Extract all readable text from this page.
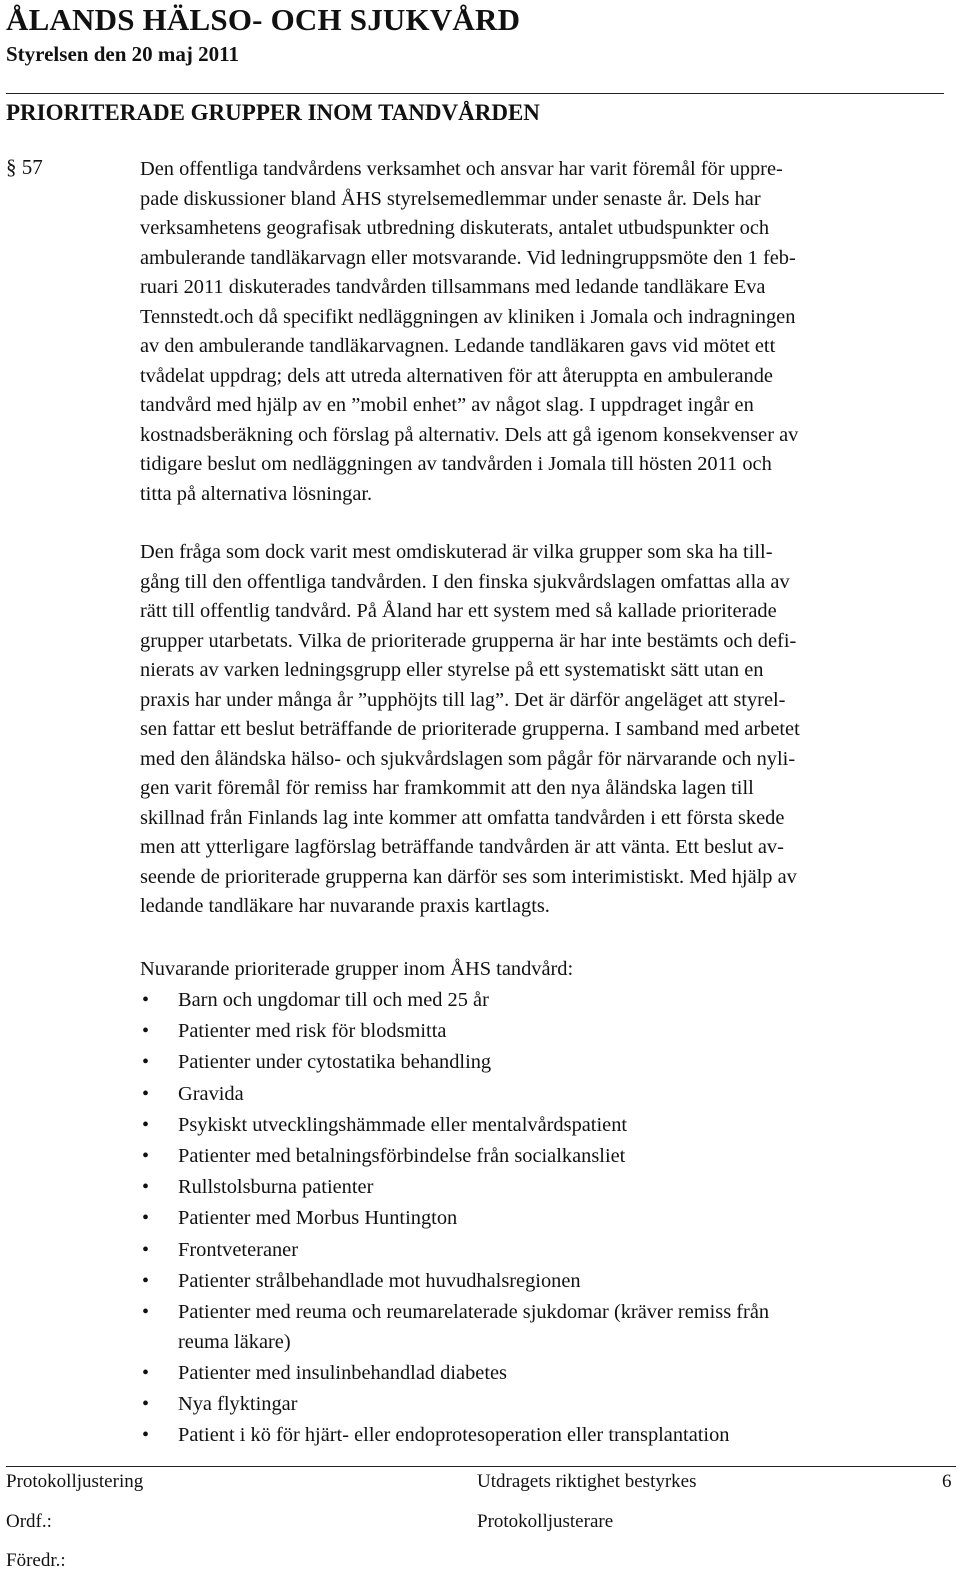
ÅLANDS HÄLSO- OCH SJUKVÅRD
Styrelsen den 20 maj 2011
PRIORITERADE GRUPPER INOM TANDVÅRDEN
§ 57	Den offentliga tandvårdens verksamhet och ansvar har varit föremål för uppre-
pade diskussioner bland ÅHS styrelsemedlemmar under senaste år. Dels har
verksamhetens geografisak utbredning diskuterats, antalet utbudspunkter och
ambulerande tandläkarvagn eller motsvarande. Vid ledningruppsmöte den 1 feb-
ruari 2011 diskuterades tandvården tillsammans med ledande tandläkare Eva
Tennstedt.och då specifikt nedläggningen av kliniken i Jomala och indragningen
av den ambulerande tandläkarvagnen. Ledande tandläkaren gavs vid mötet ett
tvådelat uppdrag; dels att utreda alternativen för att återuppta en ambulerande
tandvård med hjälp av en ”mobil enhet” av något slag. I uppdraget ingår en
kostnadsberäkning och förslag på alternativ. Dels att gå igenom konsekvenser av
tidigare beslut om nedläggningen av tandvården i Jomala till hösten 2011 och
titta på alternativa lösningar.
Den fråga som dock varit mest omdiskuterad är vilka grupper som ska ha till-
gång till den offentliga tandvården. I den finska sjukvårdslagen omfattas alla av
rätt till offentlig tandvård. På Åland har ett system med så kallade prioriterade
grupper utarbetats. Vilka de prioriterade grupperna är har inte bestämts och defi-
nierats av varken ledningsgrupp eller styrelse på ett systematiskt sätt utan en
praxis har under många år ”upphöjts till lag”. Det är därför angeläget att styrel-
sen fattar ett beslut beträffande de prioriterade grupperna. I samband med arbetet
med den åländska hälso- och sjukvårdslagen som pågår för närvarande och nyli-
gen varit föremål för remiss har framkommit att den nya åländska lagen till
skillnad från Finlands lag inte kommer att omfatta tandvården i ett första skede
men att ytterligare lagförslag beträffande tandvården är att vänta. Ett beslut av-
seende de prioriterade grupperna kan därför ses som interimistiskt. Med hjälp av
ledande tandläkare har nuvarande praxis kartlagts.
Nuvarande prioriterade grupper inom ÅHS tandvård:
• Barn och ungdomar till och med 25 år
• Patienter med risk för blodsmitta
• Patienter under cytostatika behandling
• Gravida
• Psykiskt utvecklingshämmade eller mentalvårdspatient
• Patienter med betalningsförbindelse från socialkansliet
• Rullstolsburna patienter
• Patienter med Morbus Huntington
• Frontveteraner
• Patienter strålbehandlade mot huvudhalsregionen
• Patienter med reuma och reumarelaterade sjukdomar (kräver remiss från
reuma läkare)
• Patienter med insulinbehandlad diabetes
• Nya flyktingar
• Patient i kö för hjärt- eller endoprotesoperation eller transplantation
Protokolljustering	Utdragets riktighet bestyrkes	6
Ordf.:	Protokolljusterare
Föredr.:
